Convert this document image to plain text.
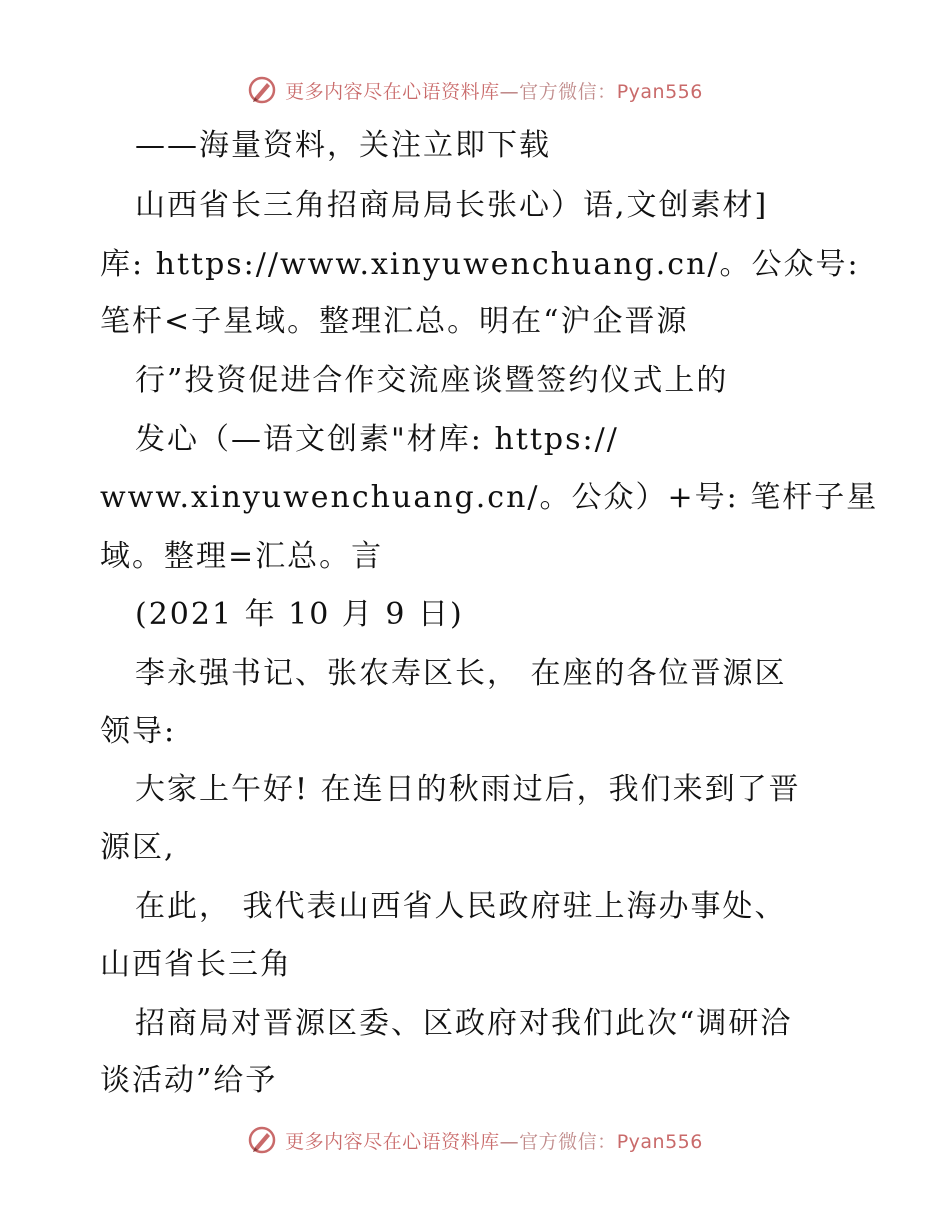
更多内容尽在心语资料库—官方微信：Pyan556
——海量资料，关注立即下载
山西省长三角招商局局长张心）语,文创素材]
库: https://www.xinyuwenchuang.cn/。公众号:
笔杆<子星域。整理汇总。明在“沪企晋源
行”投资促进合作交流座谈暨签约仪式上的
发心（—语文创素"材库: https://
www.xinyuwenchuang.cn/。公众）+号: 笔杆子星
域。整理=汇总。言
(2021 年 10 月 9 日)
李永强书记、张农寿区长， 在座的各位晋源区
领导:
大家上午好! 在连日的秋雨过后，我们来到了晋
源区,
在此， 我代表山西省人民政府驻上海办事处、
山西省长三角
招商局对晋源区委、区政府对我们此次“调研洽
谈活动”给予
更多内容尽在心语资料库—官方微信：Pyan556
